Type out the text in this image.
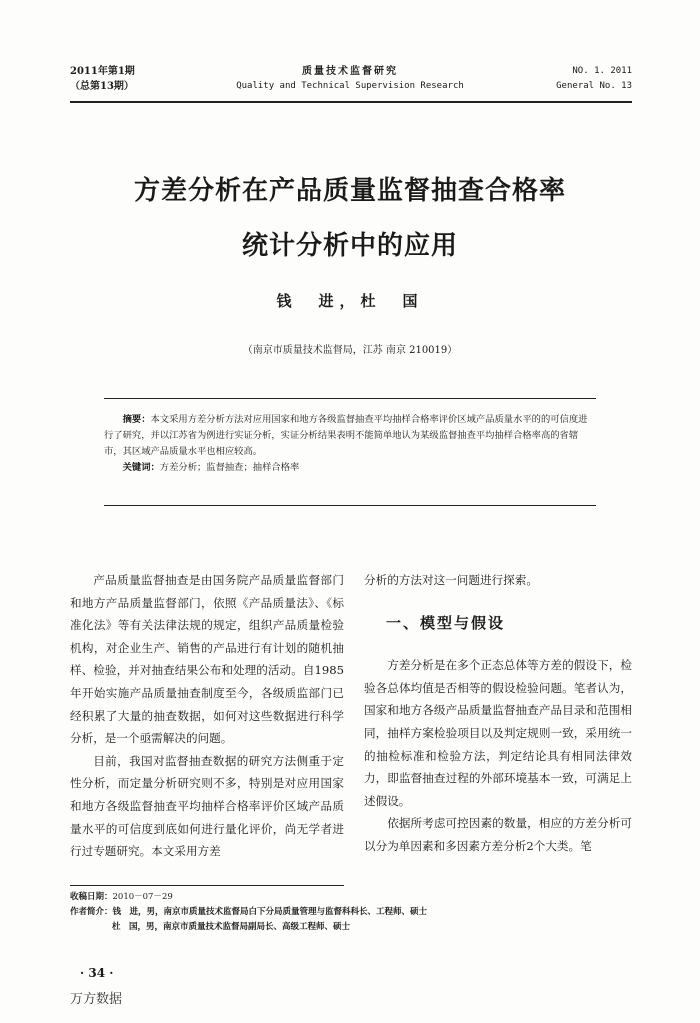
2011年第1期
（总第13期）
质量技术监督研究
Quality and Technical Supervision Research
NO. 1. 2011
General No. 13
方差分析在产品质量监督抽查合格率
统计分析中的应用
钱　进，杜　国
（南京市质量技术监督局，江苏 南京 210019）
摘要：本文采用方差分析方法对应用国家和地方各级监督抽查平均抽样合格率评价区域产品质量水平的的可信度进行了研究，并以江苏省为例进行实证分析，实证分析结果表明不能简单地认为某级监督抽查平均抽样合格率高的省辖市，其区域产品质量水平也相应较高。
关键词：方差分析；监督抽查；抽样合格率

产品质量监督抽查是由国务院产品质量监督部门和地方产品质量监督部门，依照《产品质量法》、《标准化法》等有关法律法规的规定，组织产品质量检验机构，对企业生产、销售的产品进行有计划的随机抽样、检验，并对抽查结果公布和处理的活动。自1985年开始实施产品质量抽查制度至今，各级质监部门已经积累了大量的抽查数据，如何对这些数据进行科学分析，是一个亟需解决的问题。

目前，我国对监督抽查数据的研究方法侧重于定性分析，而定量分析研究则不多，特别是对应用国家和地方各级监督抽查平均抽样合格率评价区域产品质量水平的可信度到底如何进行量化评价，尚无学者进行过专题研究。本文采用方差

分析的方法对这一问题进行探索。

一、模型与假设

方差分析是在多个正态总体等方差的假设下，检验各总体均值是否相等的假设检验问题。笔者认为，国家和地方各级产品质量监督抽查产品目录和范围相同，抽样方案检验项目以及判定规则一致，采用统一的抽检标准和检验方法，判定结论具有相同法律效力，即监督抽查过程的外部环境基本一致，可满足上述假设。

依据所考虑可控因素的数量，相应的方差分析可以分为单因素和多因素方差分析2个大类。笔

收稿日期：2010－07－29
作者简介：钱　进，男，南京市质量技术监督局白下分局质量管理与监督科科长、工程师、硕士
杜　国，男，南京市质量技术监督局副局长、高级工程师、硕士
· 34 ·
万方数据
